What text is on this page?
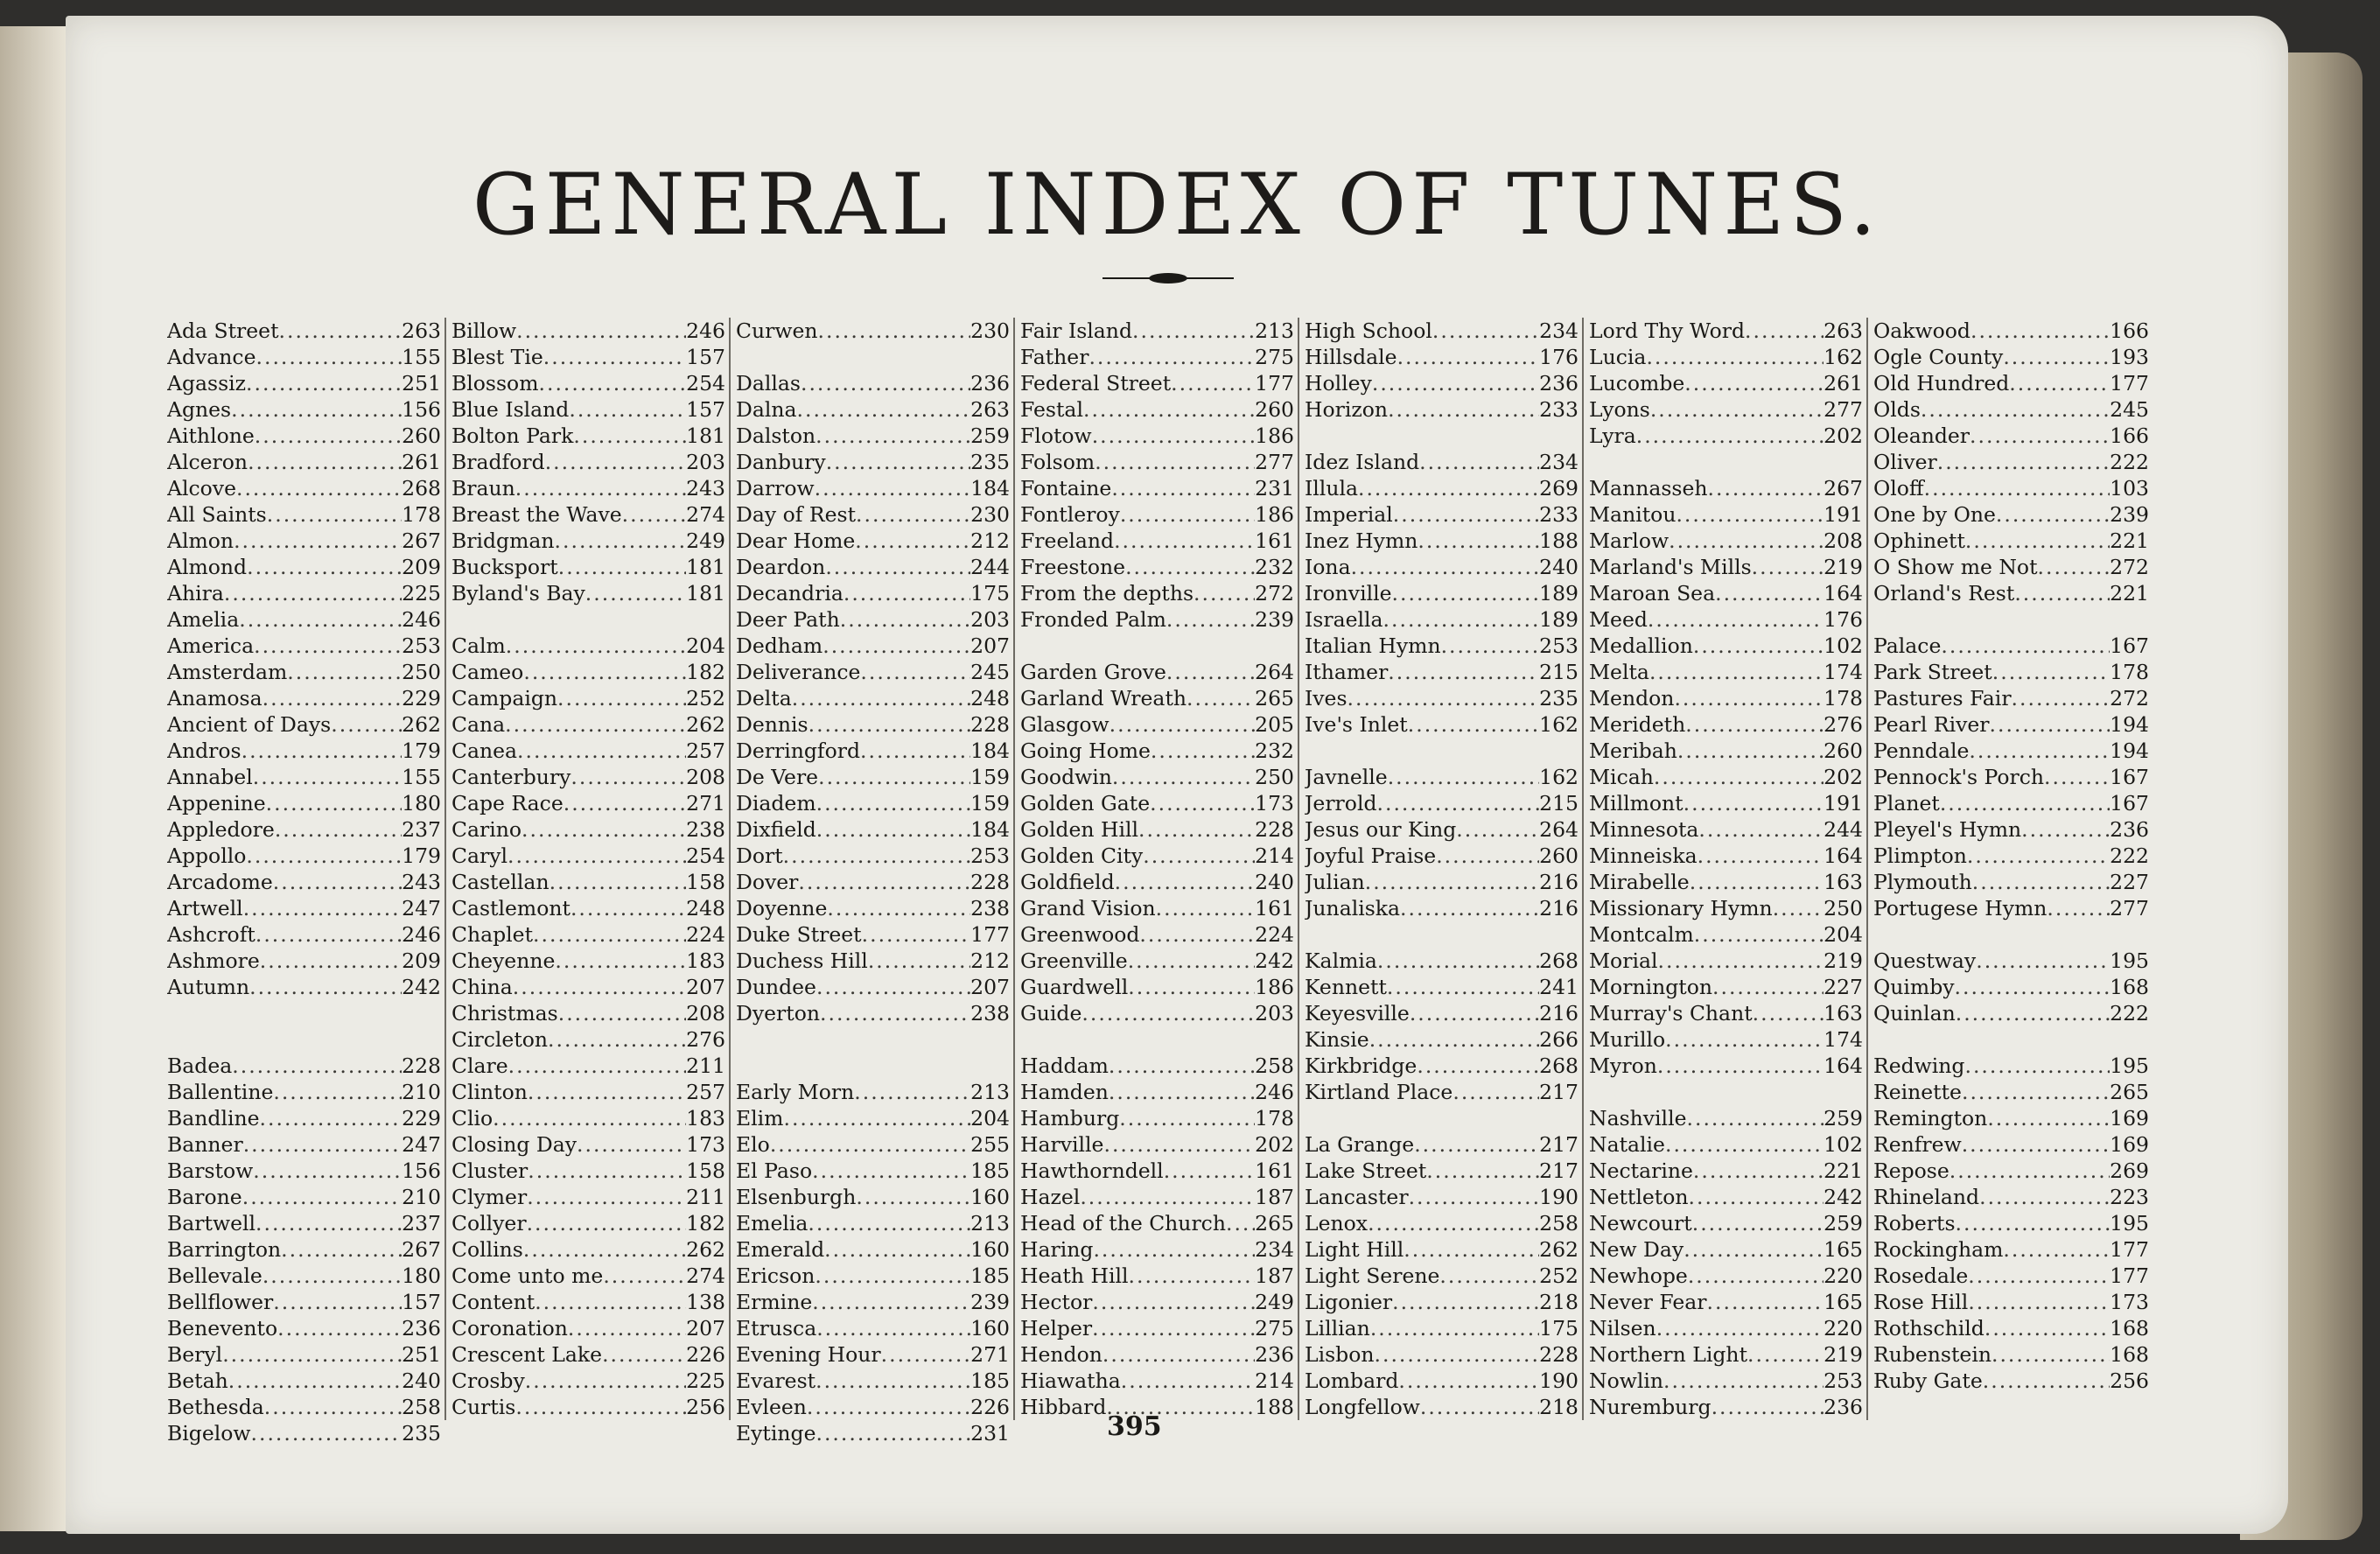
GENERAL INDEX OF TUNES.
Ada Street .....	263
Advance .....	155
Agassiz .....	251
Agnes .....	156
Aithlone .....	260
Alceron .....	261
Alcove .....	268
All Saints .....	178
Almon .....	267
Almond .....	209
Ahira .....	225
Amelia .....	246
America .....	253
Amsterdam .....	250
Anamosa .....	229
Ancient of Days .....	262
Andros .....	179
Annabel .....	155
Appenine .....	180
Appledore .....	237
Appollo .....	179
Arcadome .....	243
Artwell .....	247
Ashcroft .....	246
Ashmore .....	209
Autumn .....	242
Badea .....	228
Ballentine .....	210
Bandline .....	229
Banner .....	247
Barstow .....	156
Barone .....	210
Bartwell .....	237
Barrington .....	267
Bellevale .....	180
Bellflower .....	157
Benevento .....	236
Beryl .....	251
Betah .....	240
Bethesda .....	258
Bigelow .....	235
Billow .....	246
Blest Tie .....	157
Blossom .....	254
Blue Island .....	157
Bolton Park .....	181
Bradford .....	203
Braun .....	243
Breast the Wave .....	274
Bridgman .....	249
Bucksport .....	181
Byland's Bay .....	181
Calm .....	204
Cameo .....	182
Campaign .....	252
Cana .....	262
Canea .....	257
Canterbury .....	208
Cape Race .....	271
Carino .....	238
Caryl .....	254
Castellan .....	158
Castlemont .....	248
Chaplet .....	224
Cheyenne .....	183
China .....	207
Christmas .....	208
Circleton .....	276
Clare .....	211
Clinton .....	257
Clio .....	183
Closing Day .....	173
Cluster .....	158
Clymer .....	211
Collyer .....	182
Collins .....	262
Come unto me .....	274
Content .....	138
Coronation .....	207
Crescent Lake .....	226
Crosby .....	225
Curtis .....	256
Curwen .....	230
Dallas .....	236
Dalna .....	263
Dalston .....	259
Danbury .....	235
Darrow .....	184
Day of Rest .....	230
Dear Home .....	212
Deardon .....	244
Decandria .....	175
Deer Path .....	203
Dedham .....	207
Deliverance .....	245
Delta .....	248
Dennis .....	228
Derringford .....	184
De Vere .....	159
Diadem .....	159
Dixfield .....	184
Dort .....	253
Dover .....	228
Doyenne .....	238
Duke Street .....	177
Duchess Hill .....	212
Dundee .....	207
Dyerton .....	238
Early Morn .....	213
Elim .....	204
Elo .....	255
El Paso .....	185
Elsenburgh .....	160
Emelia .....	213
Emerald .....	160
Ericson .....	185
Ermine .....	239
Etrusca .....	160
Evening Hour .....	271
Evarest .....	185
Evleen .....	226
Eytinge .....	231
Fair Island .....	213
Father .....	275
Federal Street .....	177
Festal .....	260
Flotow .....	186
Folsom .....	277
Fontaine .....	231
Fontleroy .....	186
Freeland .....	161
Freestone .....	232
From the depths .....	272
Fronded Palm .....	239
Garden Grove .....	264
Garland Wreath .....	265
Glasgow .....	205
Going Home .....	232
Goodwin .....	250
Golden Gate .....	173
Golden Hill .....	228
Golden City .....	214
Goldfield .....	240
Grand Vision .....	161
Greenwood .....	224
Greenville .....	242
Guardwell .....	186
Guide .....	203
Haddam .....	258
Hamden .....	246
Hamburg .....	178
Harville .....	202
Hawthorndell .....	161
Hazel .....	187
Head of the Church ..... 265
Haring .....	234
Heath Hill .....	187
Hector .....	249
Helper .....	275
Hendon .....	236
Hiawatha .....	214
Hibbard .....	188
High School .....	234
Hillsdale .....	176
Holley .....	236
Horizon .....	233
Idez Island .....	234
Illula .....	269
Imperial .....	233
Inez Hymn .....	188
Iona .....	240
Ironville .....	189
Israella .....	189
Italian Hymn .....	253
Ithamer .....	215
Ives .....	235
Ive's Inlet .....	162
Javnelle .....	162
Jerrold .....	215
Jesus our King .....	264
Joyful Praise .....	260
Julian .....	216
Junaliska .....	216
Kalmia .....	268
Kennett .....	241
Keyesville .....	216
Kinsie .....	266
Kirkbridge .....	268
Kirtland Place .....	217
La Grange .....	217
Lake Street .....	217
Lancaster .....	190
Lenox .....	258
Light Hill .....	262
Light Serene .....	252
Ligonier .....	218
Lillian .....	175
Lisbon .....	228
Lombard .....	190
Longfellow .....	218
Lord Thy Word .....	263
Lucia .....	162
Lucombe .....	261
Lyons .....	277
Lyra .....	202
Mannasseh .....	267
Manitou .....	191
Marlow .....	208
Marland's Mills .....	219
Maroan Sea .....	164
Meed .....	176
Medallion .....	102
Melta .....	174
Mendon .....	178
Merideth .....	276
Meribah .....	260
Micah .....	202
Millmont .....	191
Minnesota .....	244
Minneiska .....	164
Mirabelle .....	163
Missionary Hymn ..... 250
Montcalm .....	204
Morial .....	219
Mornington .....	227
Murray's Chant .....	163
Murillo .....	174
Myron .....	164
Nashville .....	259
Natalie .....	102
Nectarine .....	221
Nettleton .....	242
Newcourt .....	259
New Day .....	165
Newhope .....	220
Never Fear .....	165
Nilsen .....	220
Northern Light .....	219
Nowlin .....	253
Nuremburg .....	236
Oakwood .....	166
Ogle County .....	193
Old Hundred .....	177
Olds .....	245
Oleander .....	166
Oliver .....	222
Oloff .....	103
One by One .....	239
Ophinett .....	221
O Show me Not .....	272
Orland's Rest .....	221
Palace .....	167
Park Street .....	178
Pastures Fair .....	272
Pearl River .....	194
Penndale .....	194
Pennock's Porch .....	167
Planet .....	167
Pleyel's Hymn .....	236
Plimpton .....	222
Plymouth .....	227
Portugese Hymn .....	277
Questway .....	195
Quimby .....	168
Quinlan .....	222
Redwing .....	195
Reinette .....	265
Remington .....	169
Renfrew .....	169
Repose .....	269
Rhineland .....	223
Roberts .....	195
Rockingham .....	177
Rosedale .....	177
Rose Hill .....	173
Rothschild .....	168
Rubenstein .....	168
Ruby Gate .....	256
395
